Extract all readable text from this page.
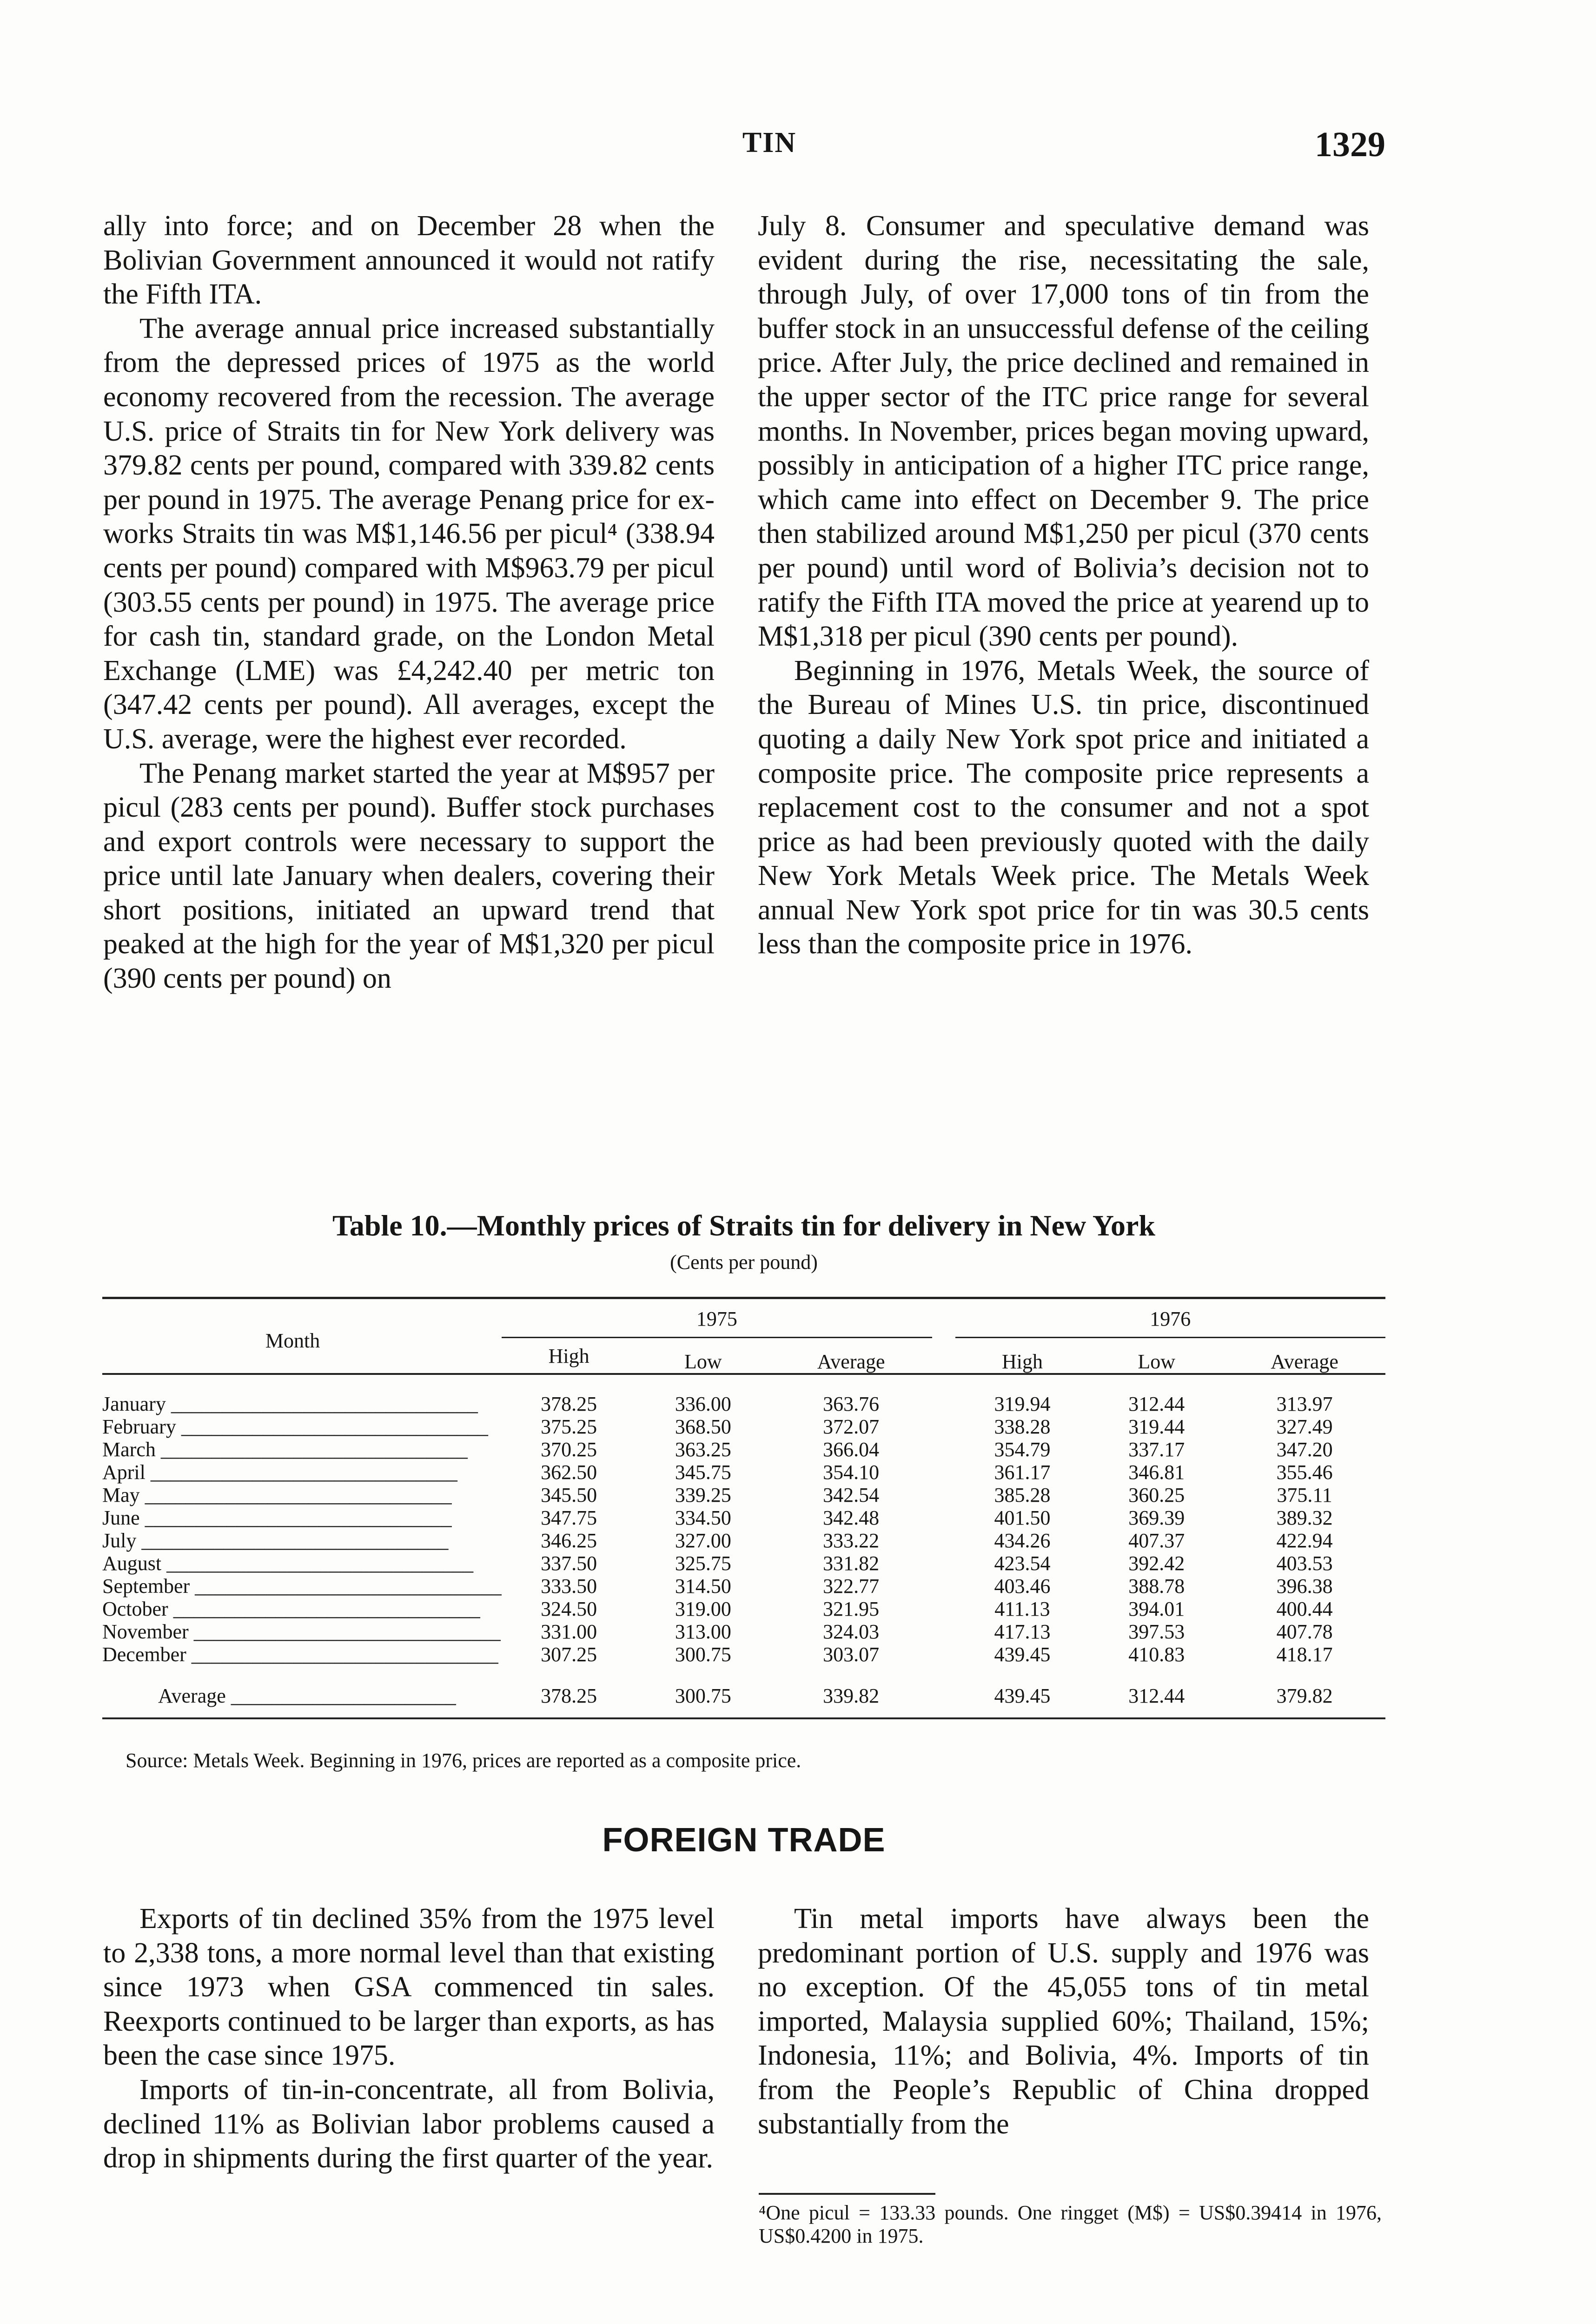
TIN	1329

ally into force; and on December 28 when the Bolivian Government announced it would not ratify the Fifth ITA.

The average annual price increased substantially from the depressed prices of 1975 as the world economy recovered from the recession. The average U.S. price of Straits tin for New York delivery was 379.82 cents per pound, compared with 339.82 cents per pound in 1975. The average Penang price for ex-works Straits tin was M$1,146.56 per picul⁴ (338.94 cents per pound) compared with M$963.79 per picul (303.55 cents per pound) in 1975. The average price for cash tin, standard grade, on the London Metal Exchange (LME) was £4,242.40 per metric ton (347.42 cents per pound). All averages, except the U.S. average, were the highest ever recorded.

The Penang market started the year at M$957 per picul (283 cents per pound). Buffer stock purchases and export controls were necessary to support the price until late January when dealers, covering their short positions, initiated an upward trend that peaked at the high for the year of M$1,320 per picul (390 cents per pound) on

July 8. Consumer and speculative demand was evident during the rise, necessitating the sale, through July, of over 17,000 tons of tin from the buffer stock in an unsuccessful defense of the ceiling price. After July, the price declined and remained in the upper sector of the ITC price range for several months. In November, prices began moving upward, possibly in anticipation of a higher ITC price range, which came into effect on December 9. The price then stabilized around M$1,250 per picul (370 cents per pound) until word of Bolivia’s decision not to ratify the Fifth ITA moved the price at yearend up to M$1,318 per picul (390 cents per pound).

Beginning in 1976, Metals Week, the source of the Bureau of Mines U.S. tin price, discontinued quoting a daily New York spot price and initiated a composite price. The composite price represents a replacement cost to the consumer and not a spot price as had been previously quoted with the daily New York Metals Week price. The Metals Week annual New York spot price for tin was 30.5 cents less than the composite price in 1976.

Table 10.—Monthly prices of Straits tin for delivery in New York
(Cents per pound)
Month	1975				1976		
	High	Low	Average		High	Low	Average

January ______________________________	378.25	336.00	363.76		319.94	312.44	313.97
February ______________________________	375.25	368.50	372.07		338.28	319.44	327.49
March ______________________________	370.25	363.25	366.04		354.79	337.17	347.20
April ______________________________	362.50	345.75	354.10		361.17	346.81	355.46
May ______________________________	345.50	339.25	342.54		385.28	360.25	375.11
June ______________________________	347.75	334.50	342.48		401.50	369.39	389.32
July ______________________________	346.25	327.00	333.22		434.26	407.37	422.94
August ______________________________	337.50	325.75	331.82		423.54	392.42	403.53
September ______________________________	333.50	314.50	322.77		403.46	388.78	396.38
October ______________________________	324.50	319.00	321.95		411.13	394.01	400.44
November ______________________________	331.00	313.00	324.03		417.13	397.53	407.78
December ______________________________	307.25	300.75	303.07		439.45	410.83	418.17

Average ______________________	378.25	300.75	339.82		439.45	312.44	379.82
Source: Metals Week. Beginning in 1976, prices are reported as a composite price.
FOREIGN TRADE

Exports of tin declined 35% from the 1975 level to 2,338 tons, a more normal level than that existing since 1973 when GSA commenced tin sales. Reexports continued to be larger than exports, as has been the case since 1975.

Imports of tin-in-concentrate, all from Bolivia, declined 11% as Bolivian labor problems caused a drop in shipments during the first quarter of the year.

Tin metal imports have always been the predominant portion of U.S. supply and 1976 was no exception. Of the 45,055 tons of tin metal imported, Malaysia supplied 60%; Thailand, 15%; Indonesia, 11%; and Bolivia, 4%. Imports of tin from the People’s Republic of China dropped substantially from the

⁴One picul = 133.33 pounds. One ringget (M$) = US$0.39414 in 1976, US$0.4200 in 1975.
